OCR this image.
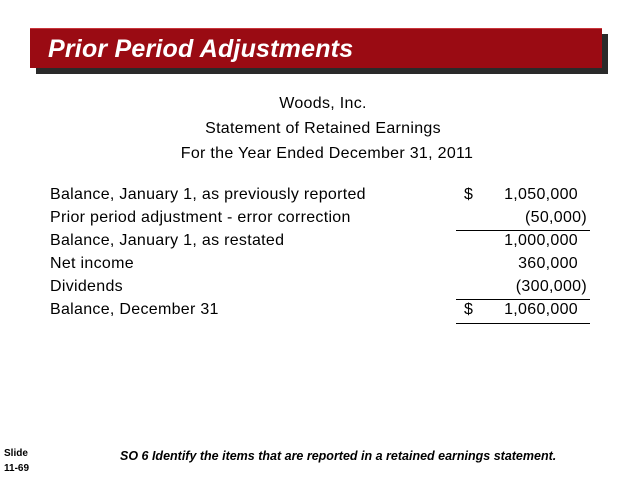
Prior Period Adjustments
Woods, Inc.
Statement of Retained Earnings
For the Year Ended December 31, 2011
Balance, January 1, as previously reported	$ 1,050,000
Prior period adjustment - error correction	(50,000)
Balance, January 1, as restated	1,000,000
Net income	360,000
Dividends	(300,000)
Balance, December 31	$ 1,060,000
Slide
11-69
SO 6 Identify the items that are reported in a retained earnings statement.
